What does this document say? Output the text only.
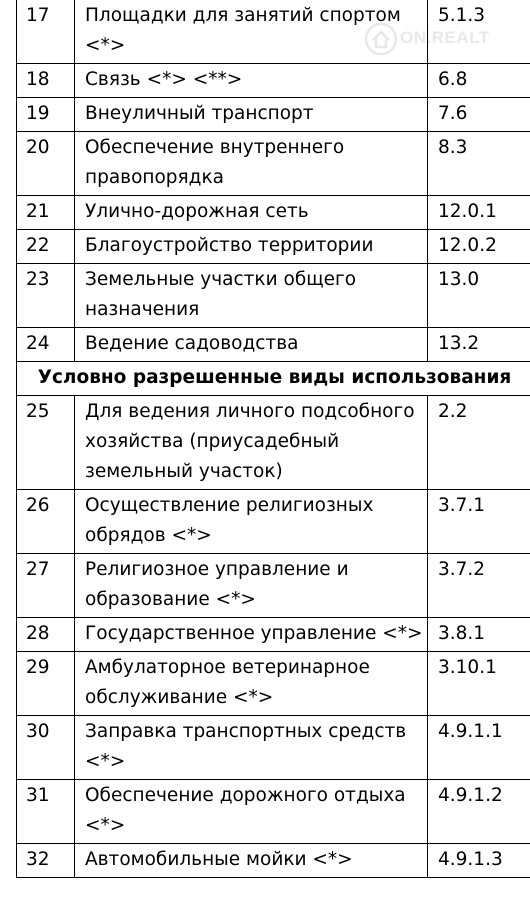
ON.REALT
17	Площадки для занятий спортом <*>	5.1.3
18	Связь <*> <**>	6.8
19	Внеуличный транспорт	7.6
20	Обеспечение внутреннего правопорядка	8.3
21	Улично-дорожная сеть	12.0.1
22	Благоустройство территории	12.0.2
23	Земельные участки общего назначения	13.0
24	Ведение садоводства	13.2
Условно разрешенные виды использования		
25	Для ведения личного подсобного хозяйства (приусадебный земельный участок)	2.2
26	Осуществление религиозных обрядов <*>	3.7.1
27	Религиозное управление и образование <*>	3.7.2
28	Государственное управление <*>	3.8.1
29	Амбулаторное ветеринарное обслуживание <*>	3.10.1
30	Заправка транспортных средств <*>	4.9.1.1
31	Обеспечение дорожного отдыха <*>	4.9.1.2
32	Автомобильные мойки <*>	4.9.1.3
